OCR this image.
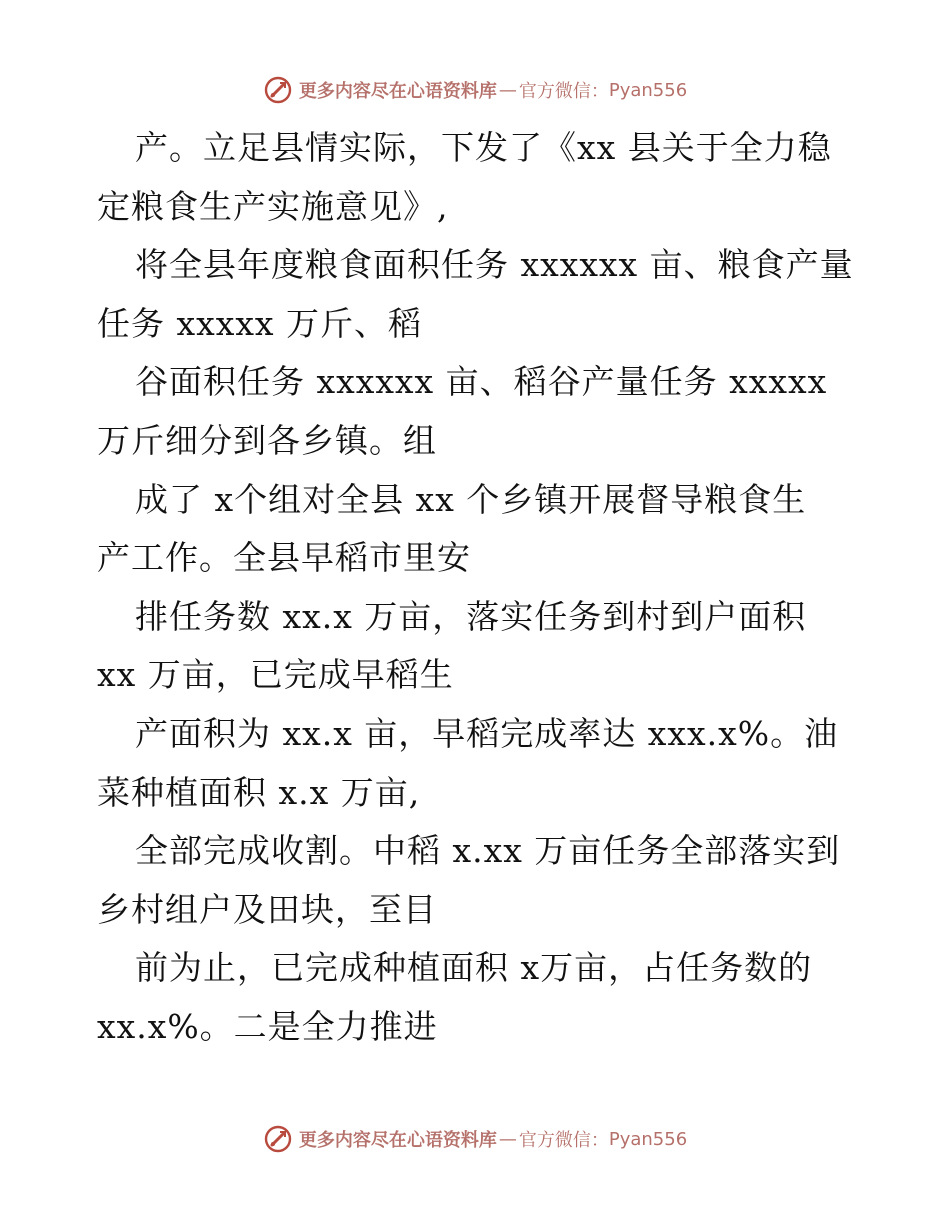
更多内容尽在心语资料库 — 官方微信： Pyan556
产。立足县情实际，下发了《xx 县关于全力稳
定粮食生产实施意见》,
将全县年度粮食面积任务 xxxxxx 亩、粮食产量
任务 xxxxx 万斤、稻
谷面积任务 xxxxxx 亩、稻谷产量任务 xxxxx
万斤细分到各乡镇。组
成了 x个组对全县 xx 个乡镇开展督导粮食生
产工作。全县早稻市里安
排任务数 xx.x 万亩，落实任务到村到户面积
xx 万亩，已完成早稻生
产面积为 xx.x 亩，早稻完成率达 xxx.x%。油
菜种植面积 x.x 万亩,
全部完成收割。中稻 x.xx 万亩任务全部落实到
乡村组户及田块，至目
前为止，已完成种植面积 x万亩，占任务数的
xx.x%。二是全力推进
更多内容尽在心语资料库 — 官方微信： Pyan556
